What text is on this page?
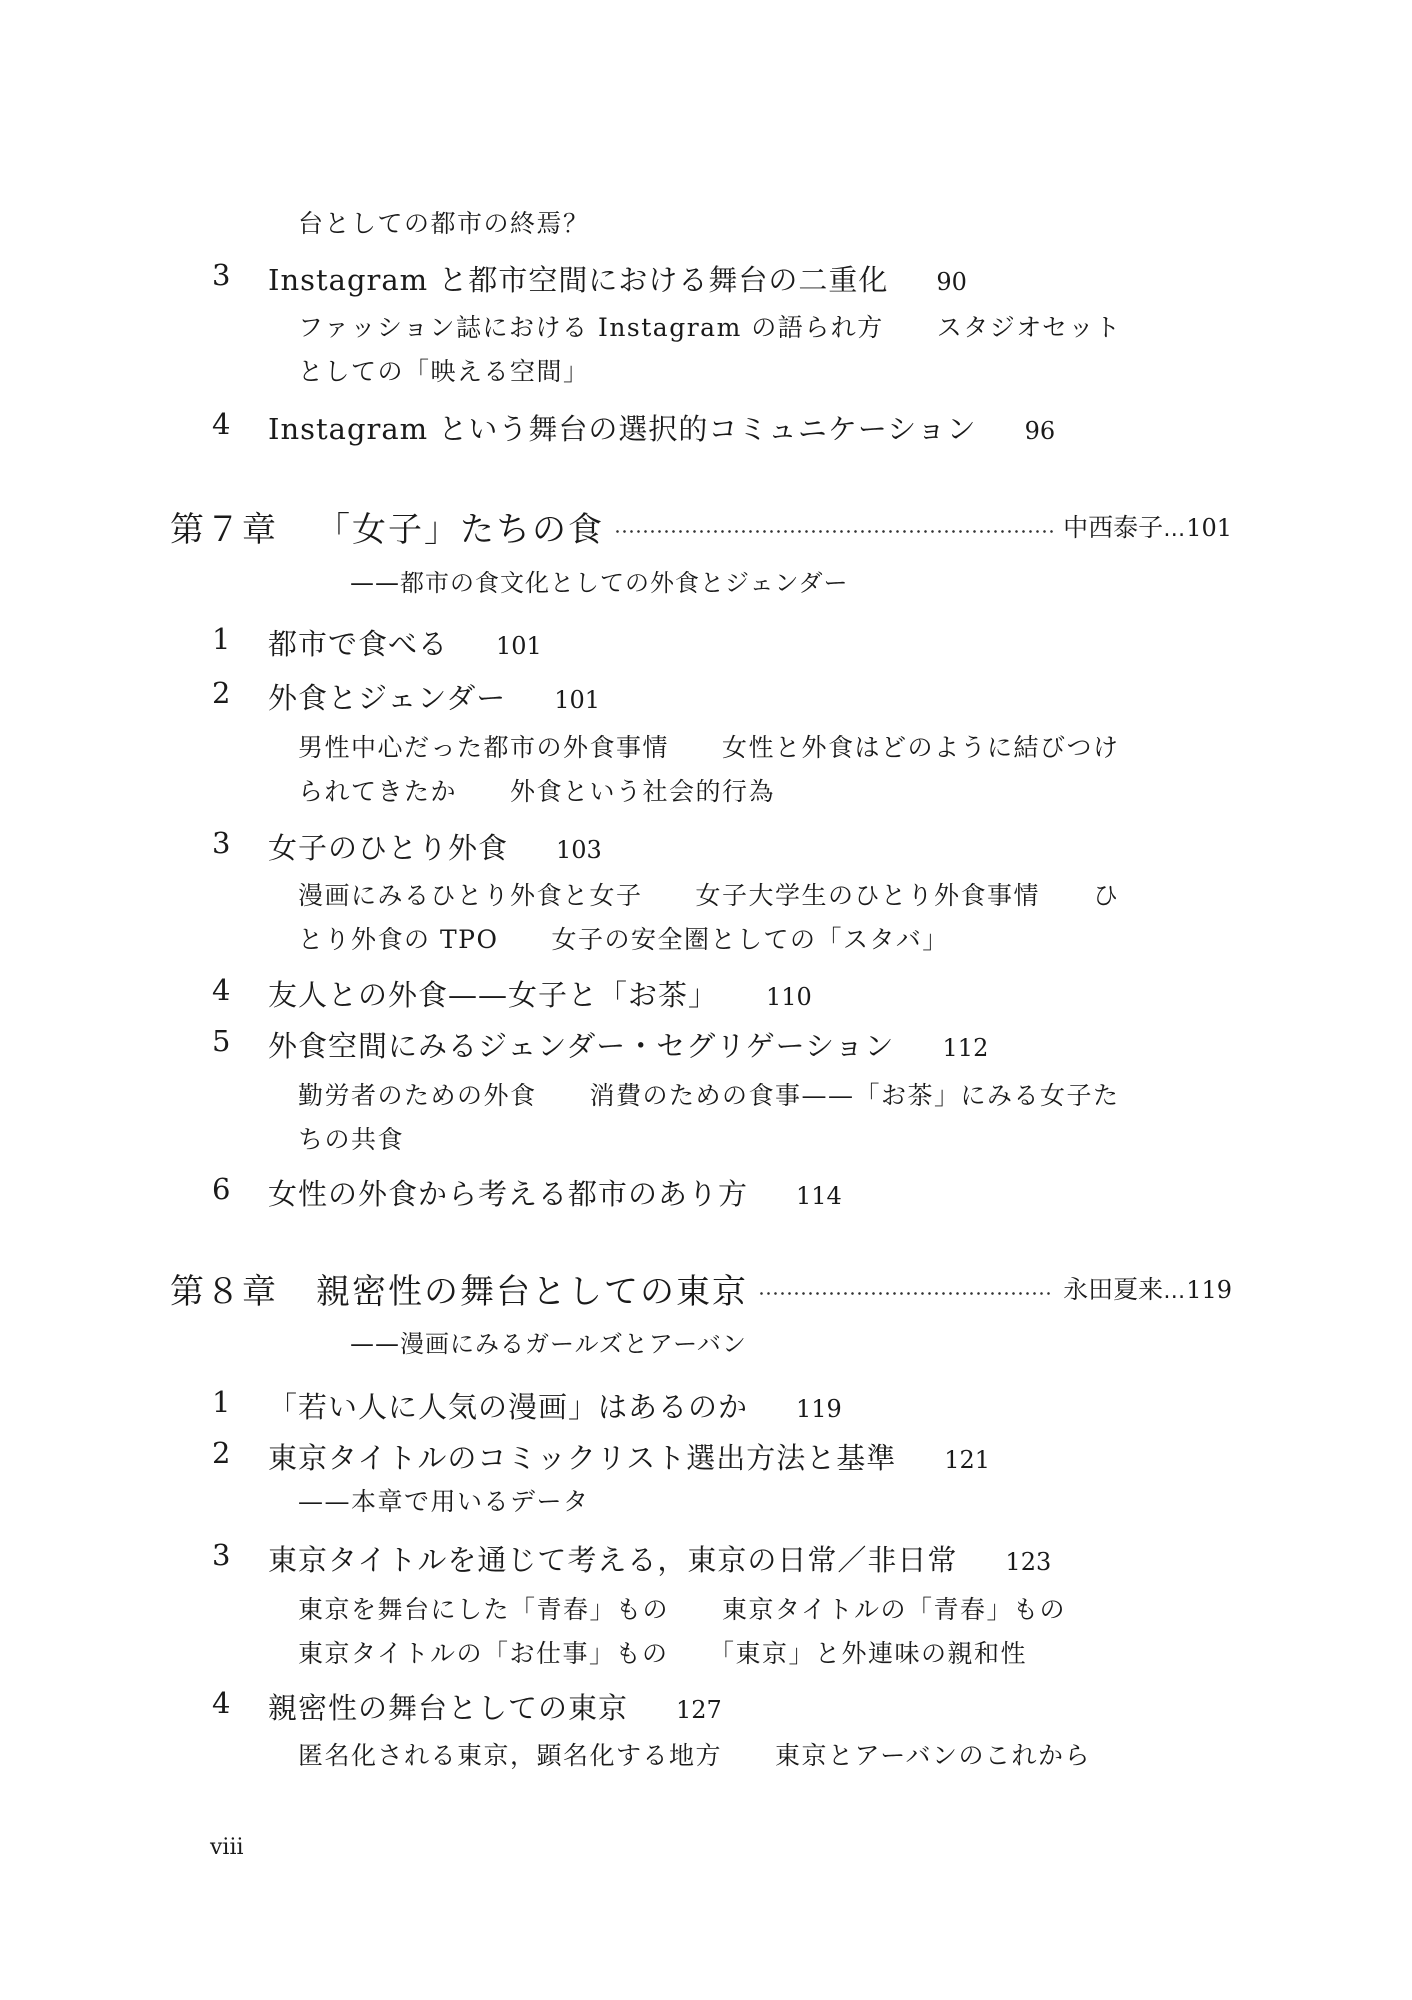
台としての都市の終焉？
3 Instagram と都市空間における舞台の二重化 90
ファッション誌における Instagram の語られ方　　スタジオセット
としての「映える空間」
4 Instagram という舞台の選択的コミュニケーション 96
第７章 「女子」たちの食	中西泰子…101
——都市の食文化としての外食とジェンダー
1 都市で食べる 101
2 外食とジェンダー 101
男性中心だった都市の外食事情　　女性と外食はどのように結びつけ
られてきたか　　外食という社会的行為
3 女子のひとり外食 103
漫画にみるひとり外食と女子　　女子大学生のひとり外食事情　　ひ
とり外食の TPO　　女子の安全圏としての「スタバ」
4 友人との外食——女子と「お茶」 110
5 外食空間にみるジェンダー・セグリゲーション 112
勤労者のための外食　　消費のための食事——「お茶」にみる女子た
ちの共食
6 女性の外食から考える都市のあり方 114
第８章 親密性の舞台としての東京	永田夏来…119
——漫画にみるガールズとアーバン
1 「若い人に人気の漫画」はあるのか 119
2 東京タイトルのコミックリスト選出方法と基準 121
——本章で用いるデータ
3 東京タイトルを通じて考える，東京の日常／非日常 123
東京を舞台にした「青春」もの　　東京タイトルの「青春」もの
東京タイトルの「お仕事」もの　　「東京」と外連味の親和性
4 親密性の舞台としての東京 127
匿名化される東京，顕名化する地方　　東京とアーバンのこれから
viii
